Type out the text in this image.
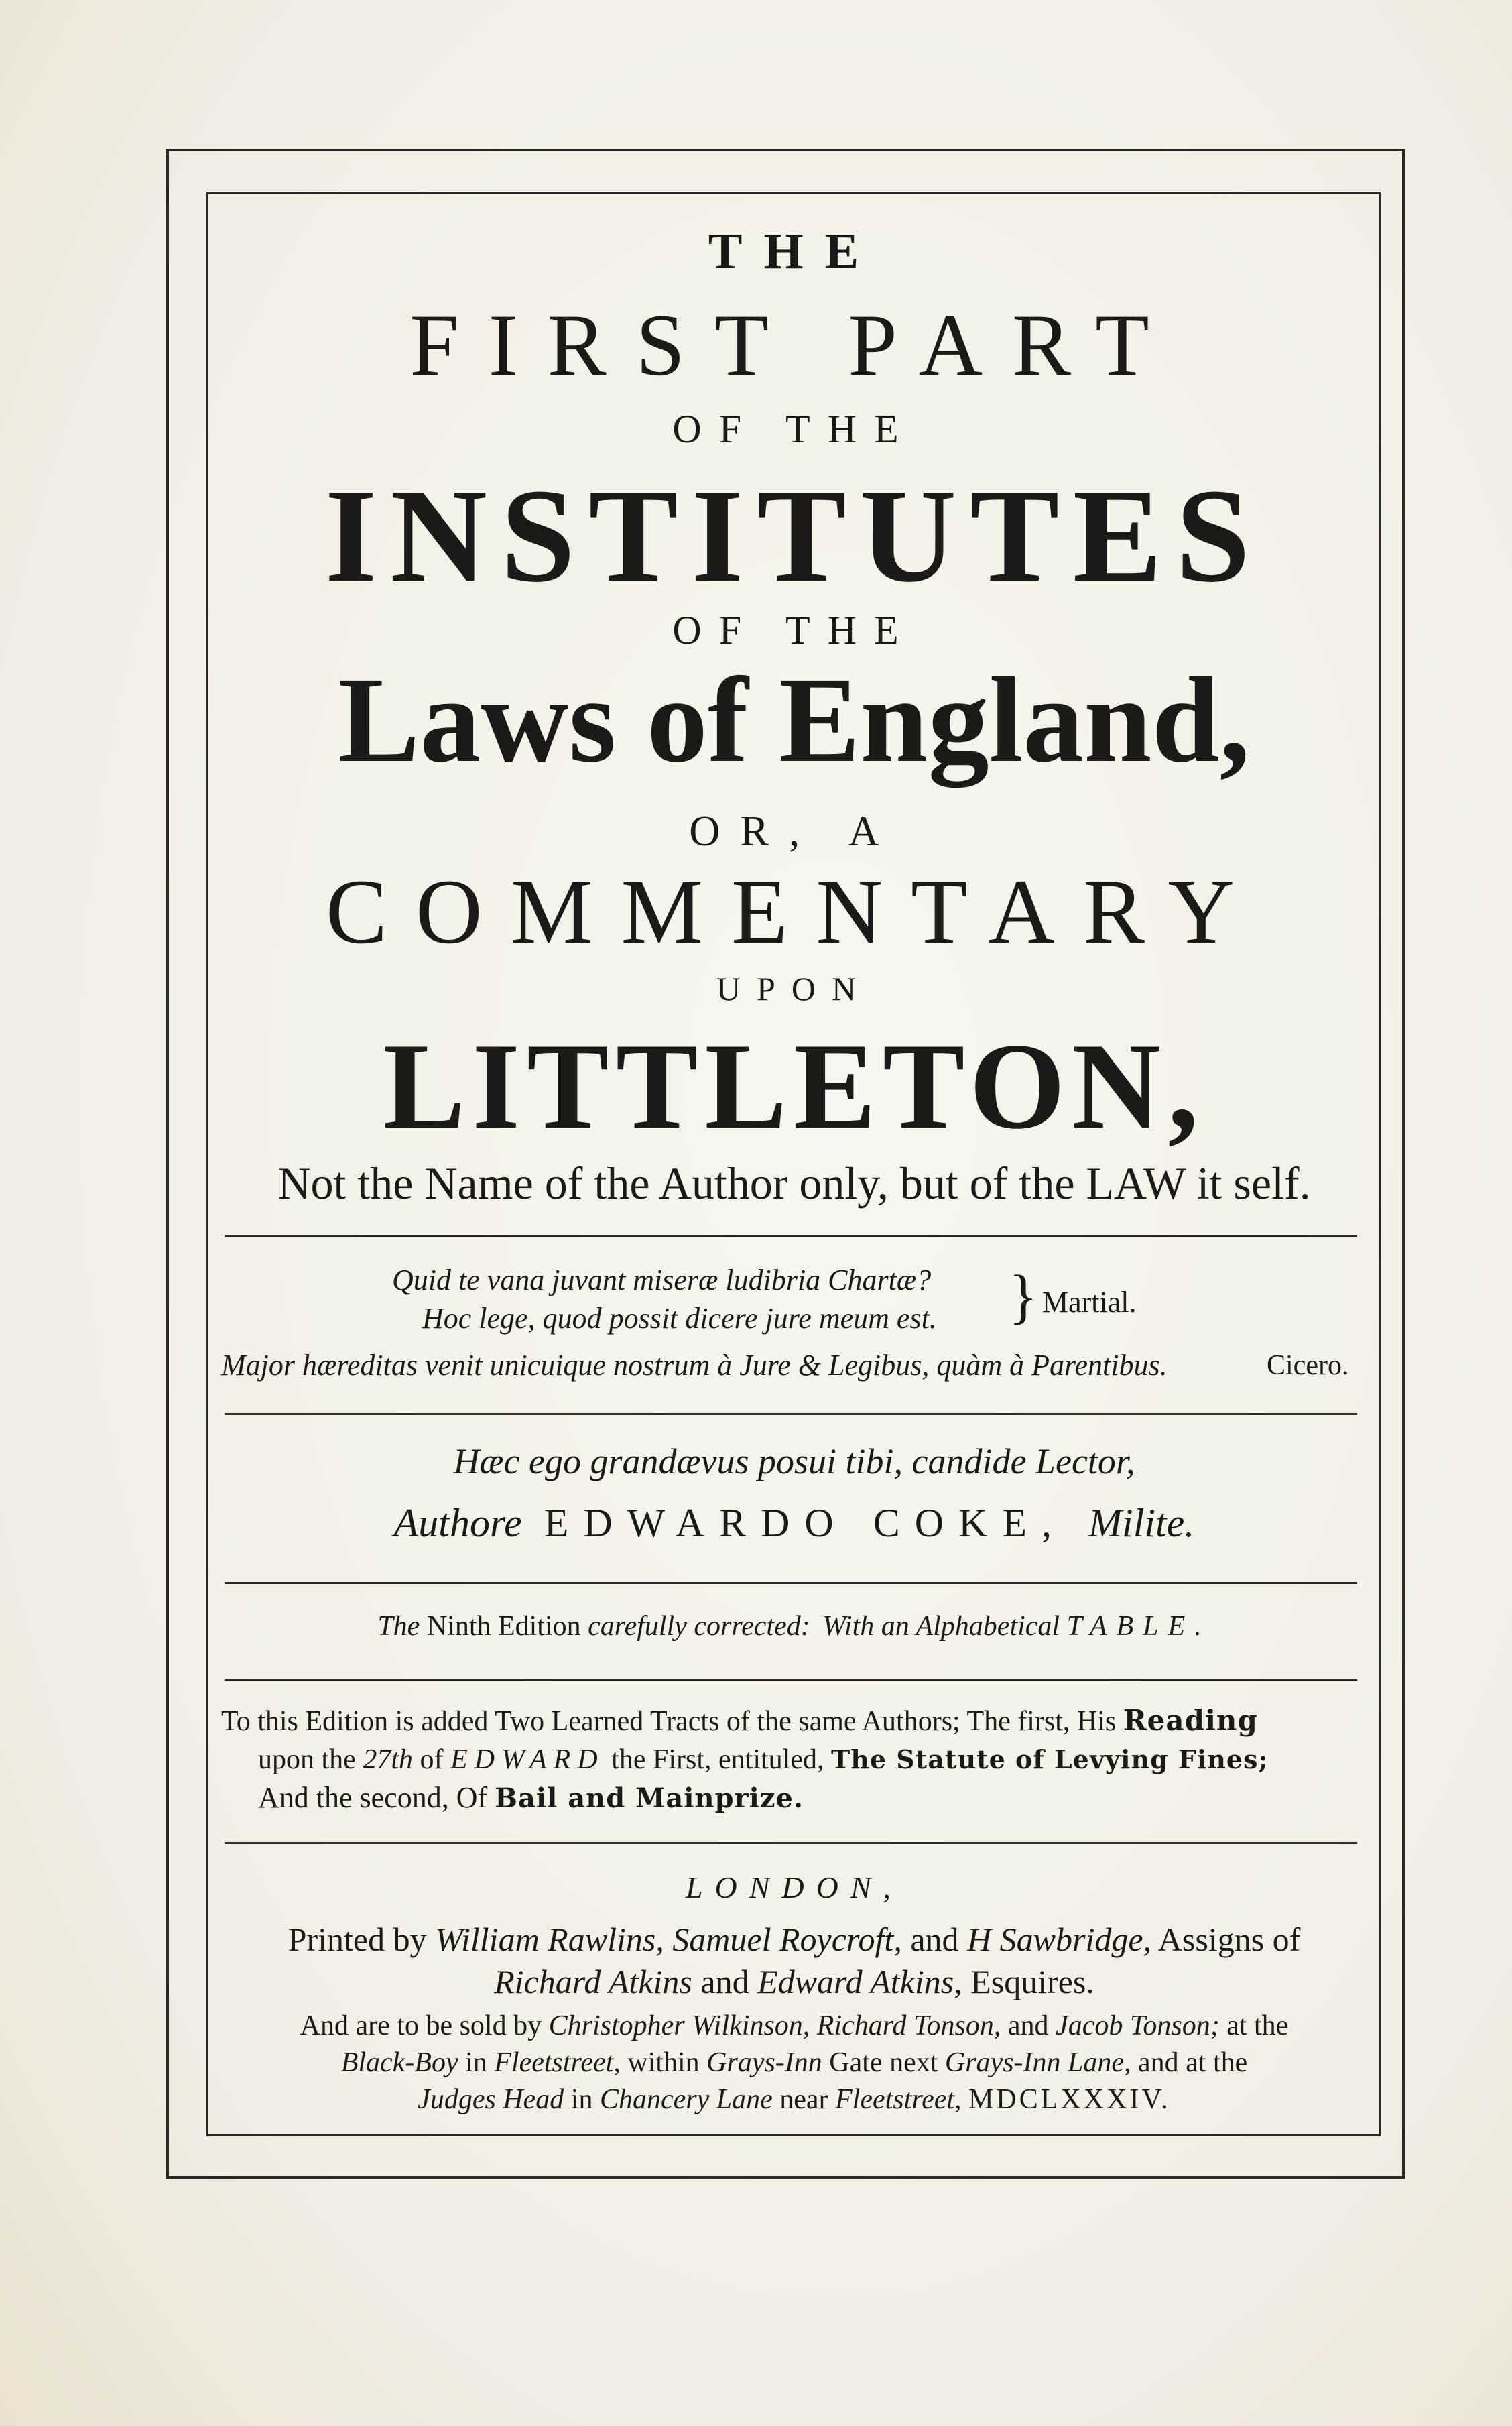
THE
FIRST PART
OF THE
INSTITUTES
OF THE
Laws of England,
OR, A
COMMENTARY
UPON
LITTLETON,
Not the Name of the Author only, but of the LAW it self.
Quid te vana juvant miseræ ludibria Chartæ?
Hoc lege, quod possit dicere jure meum est. } Martial.
Major hæreditas venit unicuique nostrum à Jure & Legibus, quàm à Parentibus.	Cicero.
Hæc ego grandævus posui tibi, candide Lector,
Authore EDWARDO COKE, Milite.
The Ninth Edition carefully corrected: With an Alphabetical TABLE.
To this Edition is added Two Learned Tracts of the same Authors; The first, His Reading
upon the 27th of EDWARD the First, entituled, The Statute of Levying Fines;
And the second, Of Bail and Mainprize.
LONDON,
Printed by William Rawlins, Samuel Roycroft, and H Sawbridge, Assigns of
Richard Atkins and Edward Atkins, Esquires.
And are to be sold by Christopher Wilkinson, Richard Tonson, and Jacob Tonson; at the
Black-Boy in Fleetstreet, within Grays-Inn Gate next Grays-Inn Lane, and at the
Judges Head in Chancery Lane near Fleetstreet, MDCLXXXIV.
